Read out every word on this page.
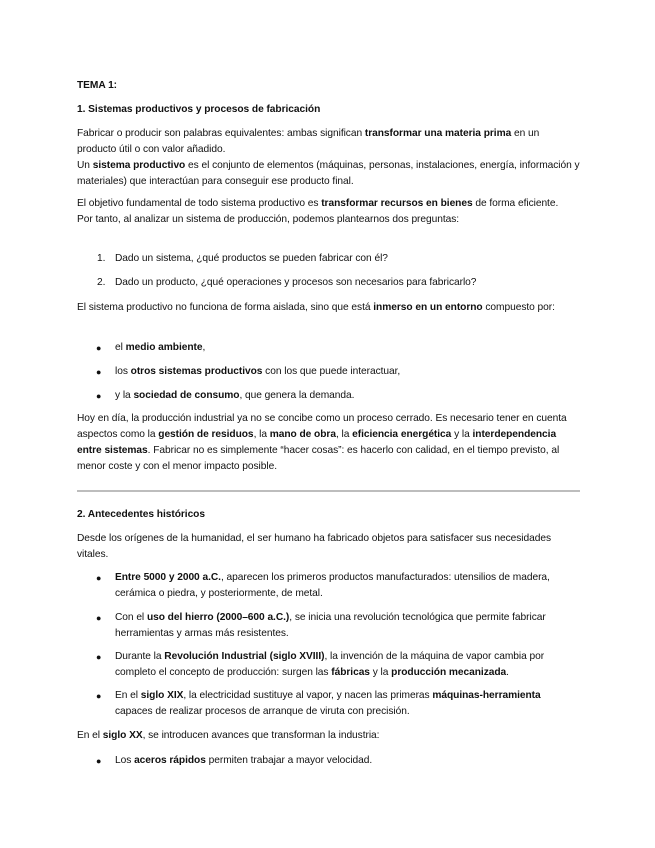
TEMA 1:

1. Sistemas productivos y procesos de fabricación

Fabricar o producir son palabras equivalentes: ambas significan transformar una materia prima en un producto útil o con valor añadido.
Un sistema productivo es el conjunto de elementos (máquinas, personas, instalaciones, energía, información y materiales) que interactúan para conseguir ese producto final.

El objetivo fundamental de todo sistema productivo es transformar recursos en bienes de forma eficiente.
Por tanto, al analizar un sistema de producción, podemos plantearnos dos preguntas:

1. Dado un sistema, ¿qué productos se pueden fabricar con él?
2. Dado un producto, ¿qué operaciones y procesos son necesarios para fabricarlo?

El sistema productivo no funciona de forma aislada, sino que está inmerso en un entorno compuesto por:

● el medio ambiente,
● los otros sistemas productivos con los que puede interactuar,
● y la sociedad de consumo, que genera la demanda.

Hoy en día, la producción industrial ya no se concibe como un proceso cerrado. Es necesario tener en cuenta aspectos como la gestión de residuos, la mano de obra, la eficiencia energética y la interdependencia entre sistemas. Fabricar no es simplemente “hacer cosas”: es hacerlo con calidad, en el tiempo previsto, al menor coste y con el menor impacto posible.

2. Antecedentes históricos

Desde los orígenes de la humanidad, el ser humano ha fabricado objetos para satisfacer sus necesidades vitales.

● Entre 5000 y 2000 a.C., aparecen los primeros productos manufacturados: utensilios de madera, cerámica o piedra, y posteriormente, de metal.
● Con el uso del hierro (2000–600 a.C.), se inicia una revolución tecnológica que permite fabricar herramientas y armas más resistentes.
● Durante la Revolución Industrial (siglo XVIII), la invención de la máquina de vapor cambia por completo el concepto de producción: surgen las fábricas y la producción mecanizada.
● En el siglo XIX, la electricidad sustituye al vapor, y nacen las primeras máquinas-herramienta capaces de realizar procesos de arranque de viruta con precisión.

En el siglo XX, se introducen avances que transforman la industria:

● Los aceros rápidos permiten trabajar a mayor velocidad.
